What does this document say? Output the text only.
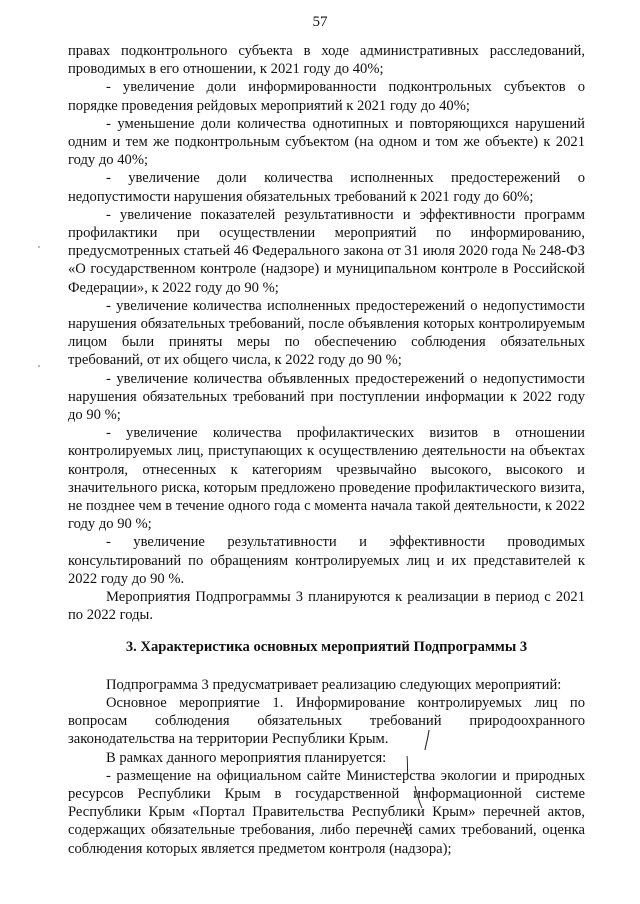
57

правах подконтрольного субъекта в ходе административных расследований, проводимых в его отношении, к 2021 году до 40%;

- увеличение доли информированности подконтрольных субъектов о порядке проведения рейдовых мероприятий к 2021 году до 40%;

- уменьшение доли количества однотипных и повторяющихся нарушений одним и тем же подконтрольным субъектом (на одном и том же объекте) к 2021 году до 40%;

- увеличение доли количества исполненных предостережений о недопустимости нарушения обязательных требований к 2021 году до 60%;

- увеличение показателей результативности и эффективности программ профилактики при осуществлении мероприятий по информированию, предусмотренных статьей 46 Федерального закона от 31 июля 2020 года № 248-ФЗ «О государственном контроле (надзоре) и муниципальном контроле в Российской Федерации», к 2022 году до 90 %;

- увеличение количества исполненных предостережений о недопустимости нарушения обязательных требований, после объявления которых контролируемым лицом были приняты меры по обеспечению соблюдения обязательных требований, от их общего числа, к 2022 году до 90 %;

- увеличение количества объявленных предостережений о недопустимости нарушения обязательных требований при поступлении информации к 2022 году до 90 %;

- увеличение количества профилактических визитов в отношении контролируемых лиц, приступающих к осуществлению деятельности на объектах контроля, отнесенных к категориям чрезвычайно высокого, высокого и значительного риска, которым предложено проведение профилактического визита, не позднее чем в течение одного года с момента начала такой деятельности, к 2022 году до 90 %;

- увеличение результативности и эффективности проводимых консультирований по обращениям контролируемых лиц и их представителей к 2022 году до 90 %.

Мероприятия Подпрограммы 3 планируются к реализации в период с 2021 по 2022 годы.

3. Характеристика основных мероприятий Подпрограммы 3

Подпрограмма 3 предусматривает реализацию следующих мероприятий:

Основное мероприятие 1. Информирование контролируемых лиц по вопросам соблюдения обязательных требований природоохранного законодательства на территории Республики Крым.

В рамках данного мероприятия планируется:

- размещение на официальном сайте Министерства экологии и природных ресурсов Республики Крым в государственной информационной системе Республики Крым «Портал Правительства Республики Крым» перечней актов, содержащих обязательные требования, либо перечней самих требований, оценка соблюдения которых является предметом контроля (надзора);
